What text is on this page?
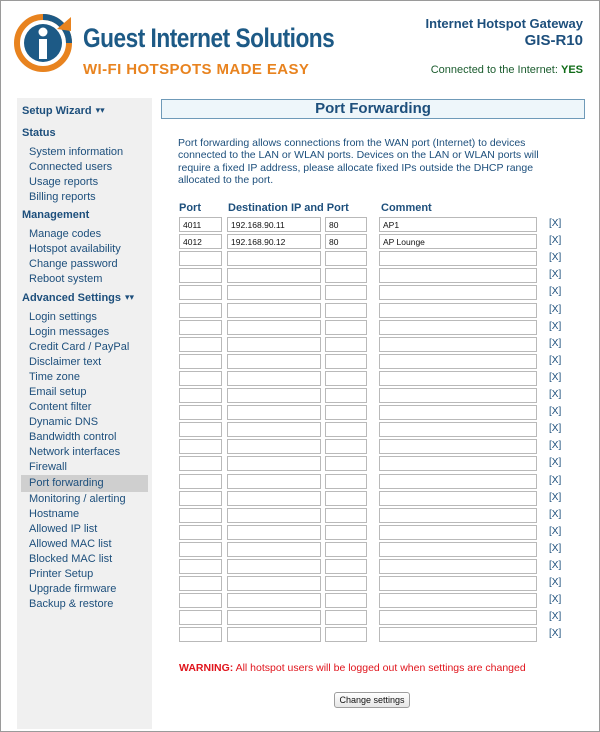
Guest Internet Solutions
WI-FI HOTSPOTS MADE EASY
Internet Hotspot Gateway
GIS-R10
Connected to the Internet: YES
Setup Wizard ▾▾
Status
System information
Connected users
Usage reports
Billing reports
Management
Manage codes
Hotspot availability
Change password
Reboot system
Advanced Settings ▾▾
Login settings
Login messages
Credit Card / PayPal
Disclaimer text
Time zone
Email setup
Content filter
Dynamic DNS
Bandwidth control
Network interfaces
Firewall
Port forwarding
Monitoring / alerting
Hostname
Allowed IP list
Allowed MAC list
Blocked MAC list
Printer Setup
Upgrade firmware
Backup & restore
Port Forwarding
Port forwarding allows connections from the WAN port (Internet) to devices connected to the LAN or WLAN ports. Devices on the LAN or WLAN ports will require a fixed IP address, please allocate fixed IPs outside the DHCP range allocated to the port.
Port Destination IP and Port	Comment
4011
192.168.90.11
80
AP1
[X]
4012
192.168.90.12
80
AP Lounge
[X]
[X]
[X]
[X]
[X]
[X]
[X]
[X]
[X]
[X]
[X]
[X]
[X]
[X]
[X]
[X]
[X]
[X]
[X]
[X]
[X]
[X]
[X]
[X]
WARNING: All hotspot users will be logged out when settings are changed
Change settings
